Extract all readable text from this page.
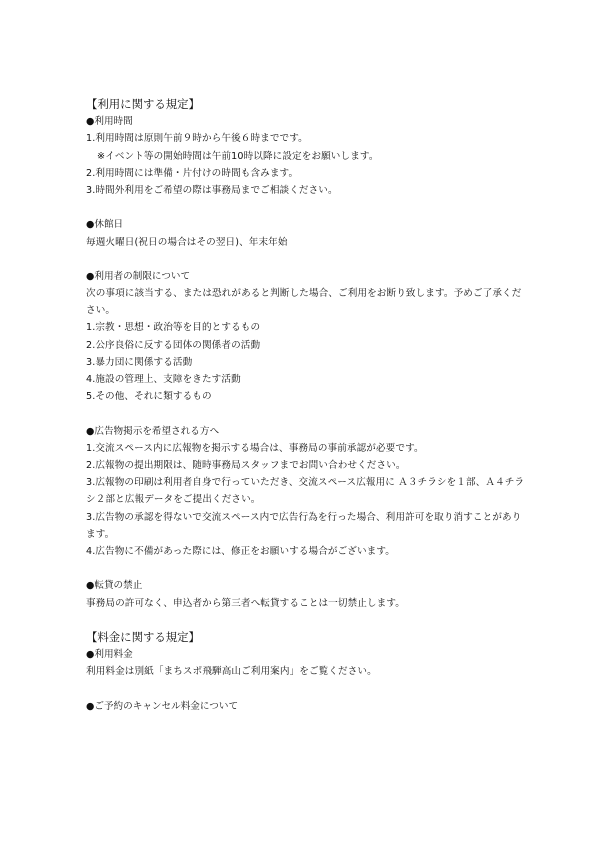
【利用に関する規定】
●利用時間
1.利用時間は原則午前９時から午後６時までです。
※イベント等の開始時間は午前10時以降に設定をお願いします。
2.利用時間には準備・片付けの時間も含みます。
3.時間外利用をご希望の際は事務局までご相談ください。
●休館日
毎週火曜日(祝日の場合はその翌日)、年末年始
●利用者の制限について
次の事項に該当する、または恐れがあると判断した場合、ご利用をお断り致します。予めご了承ください。
1.宗教・思想・政治等を目的とするもの
2.公序良俗に反する団体の関係者の活動
3.暴力団に関係する活動
4.施設の管理上、支障をきたす活動
5.その他、それに類するもの
●広告物掲示を希望される方へ
1.交流スペース内に広報物を掲示する場合は、事務局の事前承認が必要です。
2.広報物の提出期限は、随時事務局スタッフまでお問い合わせください。
3.広報物の印刷は利用者自身で行っていただき、交流スペース広報用に Ａ３チラシを１部、Ａ４チラシ２部と広報データをご提出ください。
3.広告物の承認を得ないで交流スペース内で広告行為を行った場合、利用許可を取り消すことがあります。
4.広告物に不備があった際には、修正をお願いする場合がございます。
●転貸の禁止
事務局の許可なく、申込者から第三者へ転貸することは一切禁止します。
【料金に関する規定】
●利用料金
利用料金は別紙「まちスポ飛騨高山ご利用案内」をご覧ください。
●ご予約のキャンセル料金について
